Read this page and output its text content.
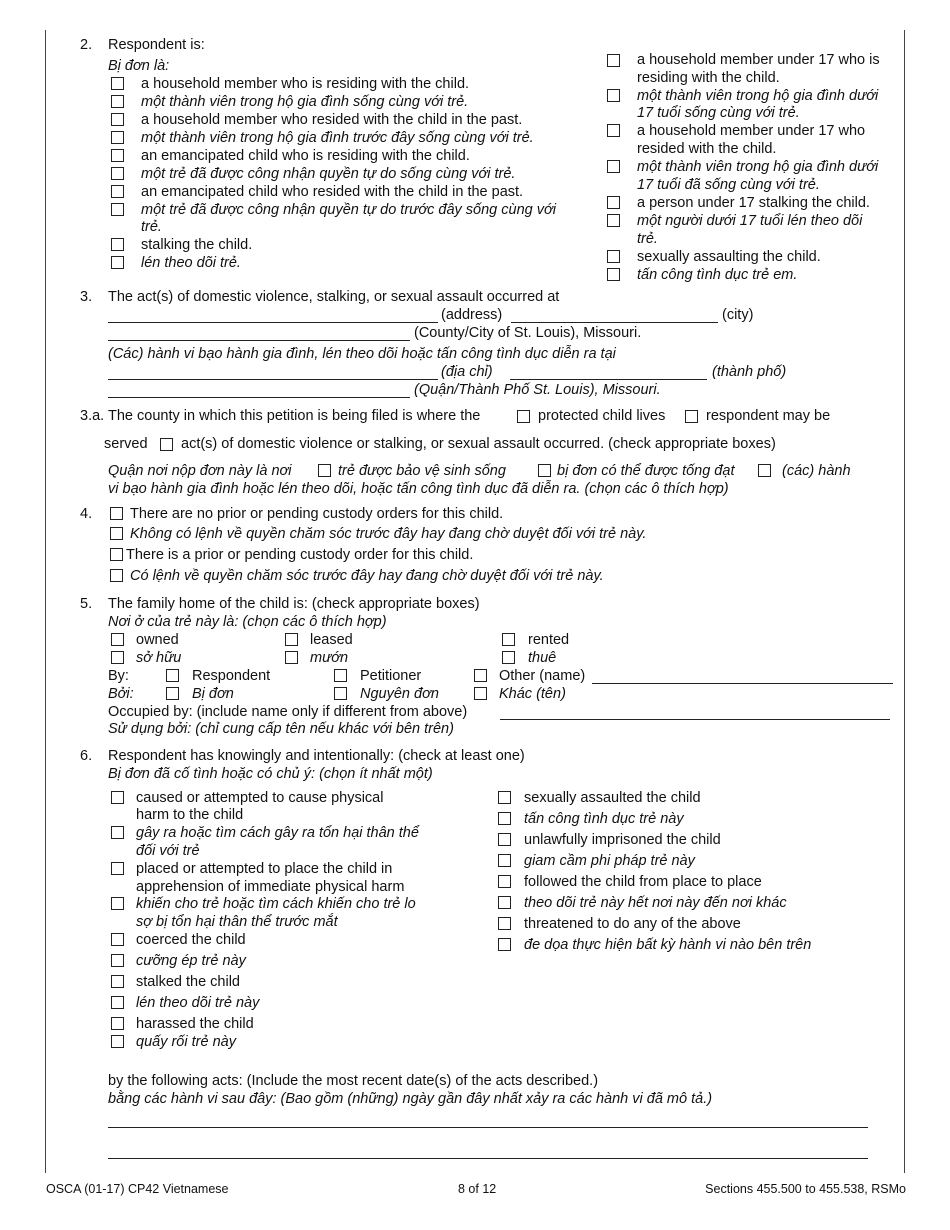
2. Respondent is:
Bị đơn là:
a household member who is residing with the child.
một thành viên trong hộ gia đình sống cùng với trẻ.
a household member who resided with the child in the past.
một thành viên trong hộ gia đình trước đây sống cùng với trẻ.
an emancipated child who is residing with the child.
một trẻ đã được công nhận quyền tự do sống cùng với trẻ.
an emancipated child who resided with the child in the past.
một trẻ đã được công nhận quyền tự do trước đây sống cùng với
trẻ.
stalking the child.
lén theo dõi trẻ.
a household member under 17 who is
residing with the child.
một thành viên trong hộ gia đình dưới
17 tuổi sống cùng với trẻ.
a household member under 17 who
resided with the child.
một thành viên trong hộ gia đình dưới
17 tuổi đã sống cùng với trẻ.
a person under 17 stalking the child.
một người dưới 17 tuổi lén theo dõi
trẻ.
sexually assaulting the child.
tấn công tình dục trẻ em.
3. The act(s) of domestic violence, stalking, or sexual assault occurred at
(address)	(city)
(County/City of St. Louis), Missouri.
(Các) hành vi bạo hành gia đình, lén theo dõi hoặc tấn công tình dục diễn ra tại
(địa chỉ)	(thành phố)
(Quận/Thành Phố St. Louis), Missouri.
3.a. The county in which this petition is being filed is where the	protected child lives	respondent may be
served act(s) of domestic violence or stalking, or sexual assault occurred. (check appropriate boxes)
Quận nơi nộp đơn này là nơi	trẻ được bảo vệ sinh sống	bị đơn có thể được tống đạt	(các) hành
vi bạo hành gia đình hoặc lén theo dõi, hoặc tấn công tình dục đã diễn ra. (chọn các ô thích hợp)
4.	There are no prior or pending custody orders for this child.
Không có lệnh về quyền chăm sóc trước đây hay đang chờ duyệt đối với trẻ này.
There is a prior or pending custody order for this child.
Có lệnh về quyền chăm sóc trước đây hay đang chờ duyệt đối với trẻ này.
5. The family home of the child is: (check appropriate boxes)
Nơi ở của trẻ này là: (chọn các ô thích hợp)
owned	leased	rented
sở hữu	mướn	thuê
By:	Respondent	Petitioner	Other (name)
Bởi:	Bị đơn	Nguyên đơn	Khác (tên)
Occupied by: (include name only if different from above)
Sử dụng bởi: (chỉ cung cấp tên nếu khác với bên trên)
6. Respondent has knowingly and intentionally: (check at least one)
Bị đơn đã cố tình hoặc có chủ ý: (chọn ít nhất một)
caused or attempted to cause physical
harm to the child
gây ra hoặc tìm cách gây ra tổn hại thân thể
đối với trẻ
placed or attempted to place the child in
apprehension of immediate physical harm
khiến cho trẻ hoặc tìm cách khiến cho trẻ lo
sợ bị tổn hại thân thể trước mắt
coerced the child
cưỡng ép trẻ này
stalked the child
lén theo dõi trẻ này
harassed the child
quấy rối trẻ này
sexually assaulted the child
tấn công tình dục trẻ này
unlawfully imprisoned the child
giam cầm phi pháp trẻ này
followed the child from place to place
theo dõi trẻ này hết nơi này đến nơi khác
threatened to do any of the above
đe dọa thực hiện bất kỳ hành vi nào bên trên
by the following acts: (Include the most recent date(s) of the acts described.)
bằng các hành vi sau đây: (Bao gồm (những) ngày gần đây nhất xảy ra các hành vi đã mô tả.)
OSCA (01-17) CP42 Vietnamese	8 of 12	Sections 455.500 to 455.538, RSMo
